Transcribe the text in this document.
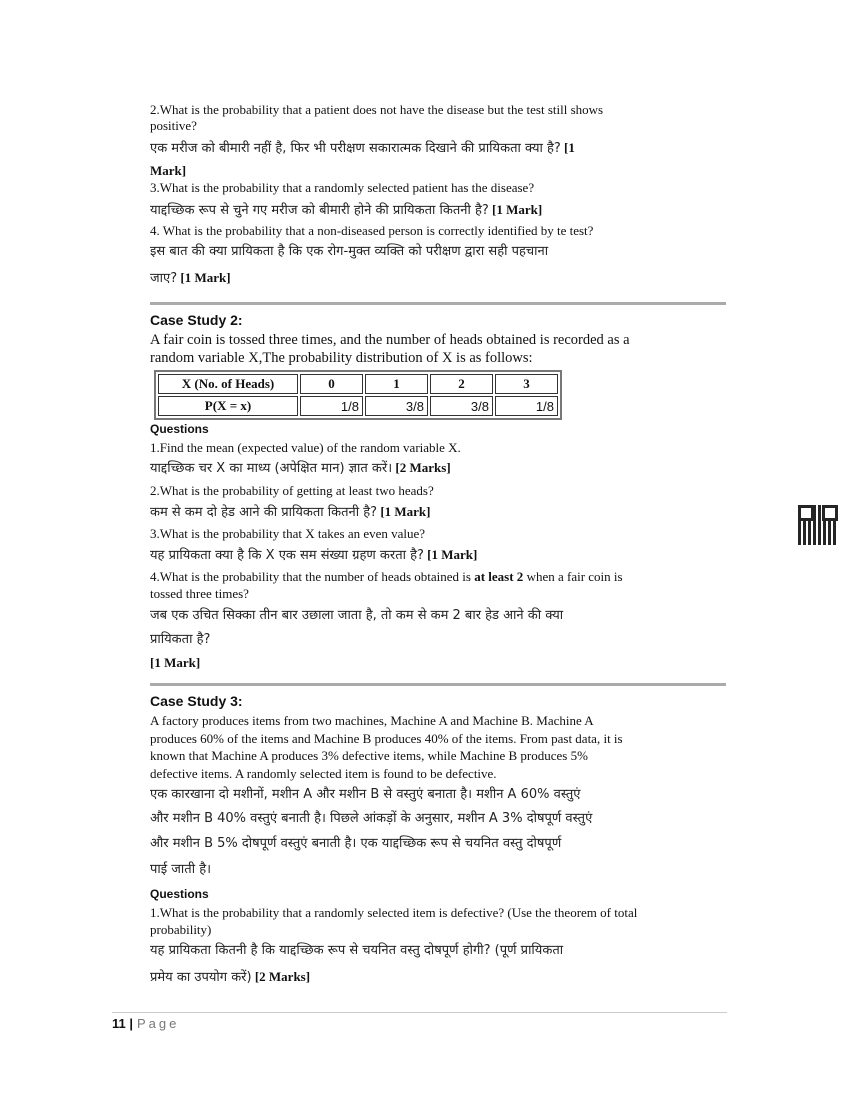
2.What is the probability that a patient does not have the disease but the test still shows
positive?
एक मरीज को बीमारी नहीं है, फिर भी परीक्षण सकारात्मक दिखाने की प्रायिकता क्या है? [1
Mark]
3.What is the probability that a randomly selected patient has the disease?
याद्दच्छिक रूप से चुने गए मरीज को बीमारी होने की प्रायिकता कितनी है? [1 Mark]
4. What is the probability that a non-diseased person is correctly identified by te test?
इस बात की क्या प्रायिकता है कि एक रोग-मुक्त व्यक्ति को परीक्षण द्वारा सही पहचाना
जाए? [1 Mark]
Case Study 2:
A fair coin is tossed three times, and the number of heads obtained is recorded as a
random variable X,The probability distribution of X is as follows:
X (No. of Heads)	0	1	2	3
P(X = x)	1/8	3/8	3/8	1/8
Questions
1.Find the mean (expected value) of the random variable X.
याद्दच्छिक चर X का माध्य (अपेक्षित मान) ज्ञात करें। [2 Marks]
2.What is the probability of getting at least two heads?
कम से कम दो हेड आने की प्रायिकता कितनी है? [1 Mark]
3.What is the probability that X takes an even value?
यह प्रायिकता क्या है कि X एक सम संख्या ग्रहण करता है? [1 Mark]
4.What is the probability that the number of heads obtained is at least 2 when a fair coin is
tossed three times?
जब एक उचित सिक्का तीन बार उछाला जाता है, तो कम से कम 2 बार हेड आने की क्या
प्रायिकता है?
[1 Mark]
Case Study 3:
A factory produces items from two machines, Machine A and Machine B. Machine A
produces 60% of the items and Machine B produces 40% of the items. From past data, it is
known that Machine A produces 3% defective items, while Machine B produces 5%
defective items. A randomly selected item is found to be defective.
एक कारखाना दो मशीनों, मशीन A और मशीन B से वस्तुएं बनाता है। मशीन A 60% वस्तुएं
और मशीन B 40% वस्तुएं बनाती है। पिछले आंकड़ों के अनुसार, मशीन A 3% दोषपूर्ण वस्तुएं
और मशीन B 5% दोषपूर्ण वस्तुएं बनाती है। एक याद्दच्छिक रूप से चयनित वस्तु दोषपूर्ण
पाई जाती है।
Questions
1.What is the probability that a randomly selected item is defective? (Use the theorem of total
probability)
यह प्रायिकता कितनी है कि याद्दच्छिक रूप से चयनित वस्तु दोषपूर्ण होगी? (पूर्ण प्रायिकता
प्रमेय का उपयोग करें) [2 Marks]
11 | Page
